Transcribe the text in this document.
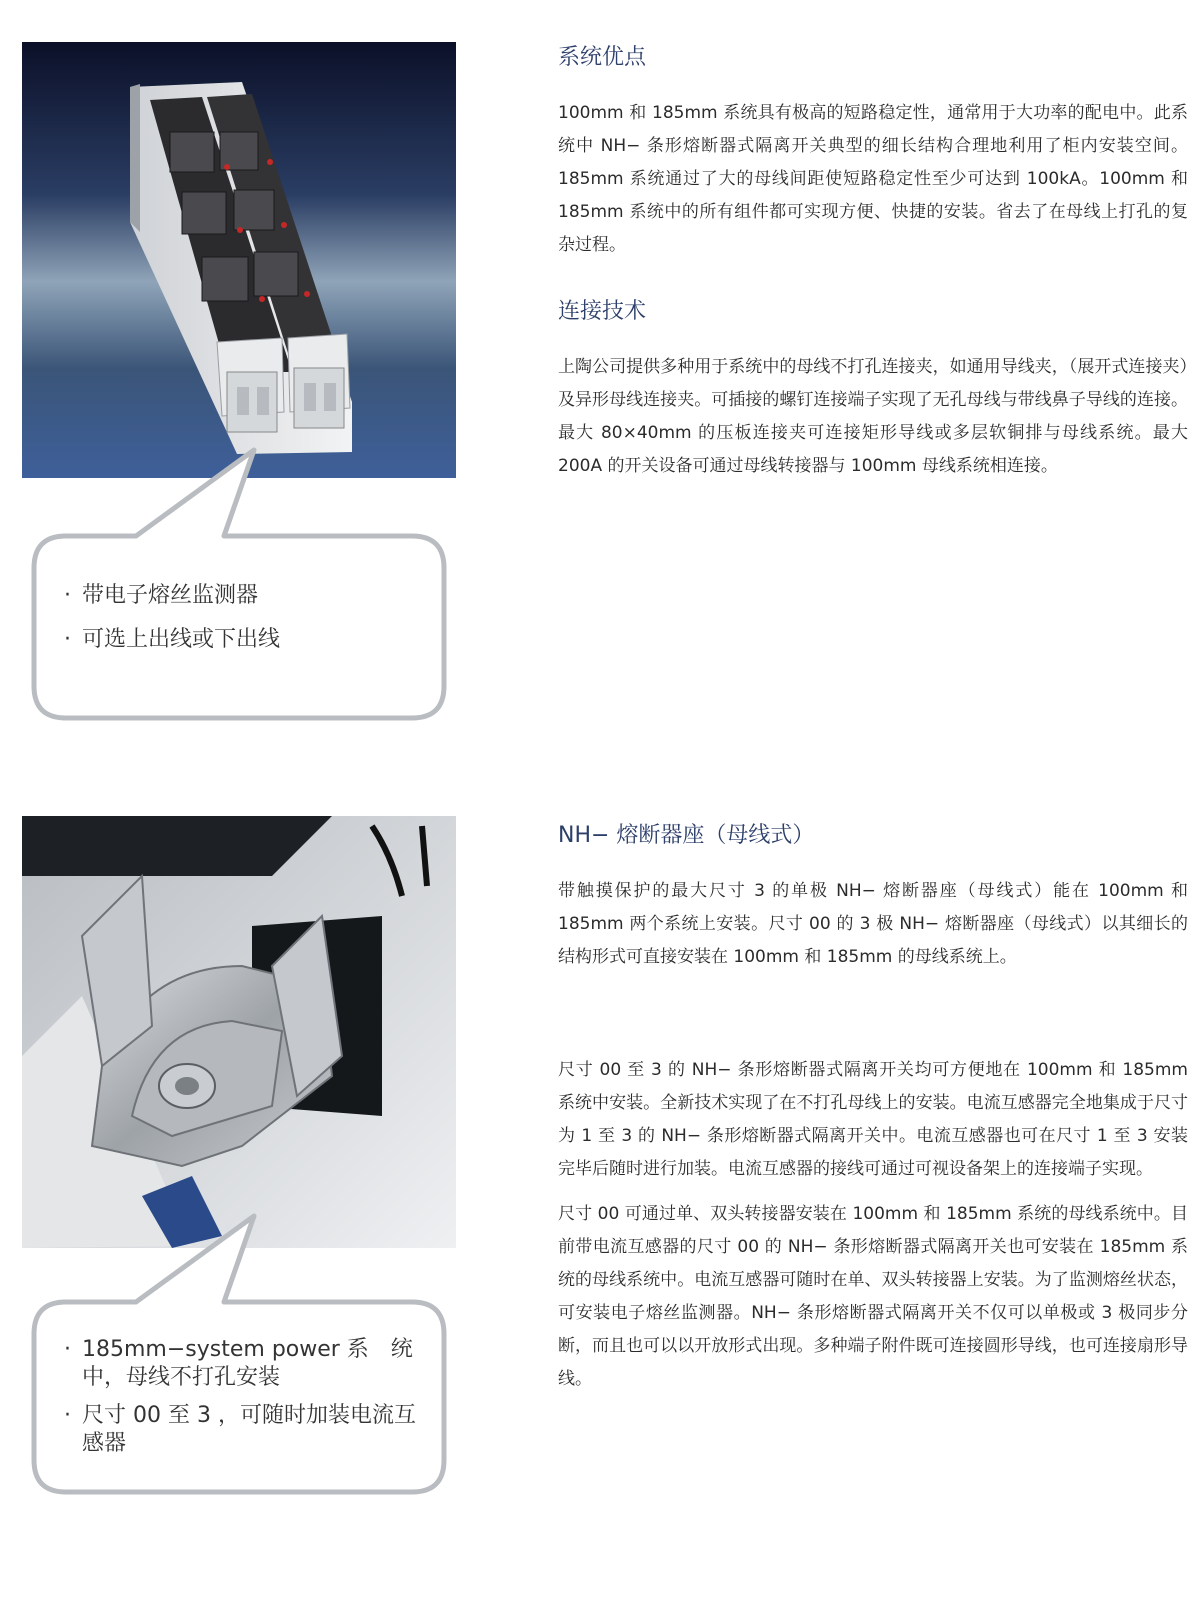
· 带电子熔丝监测器
· 可选上出线或下出线
系统优点

100mm 和 185mm 系统具有极高的短路稳定性，通常用于大功率的配电中。此系统中 NH− 条形熔断器式隔离开关典型的细长结构合理地利用了柜内安装空间。185mm 系统通过了大的母线间距使短路稳定性至少可达到 100kA。100mm 和 185mm 系统中的所有组件都可实现方便、快捷的安装。省去了在母线上打孔的复杂过程。

连接技术

上陶公司提供多种用于系统中的母线不打孔连接夹，如通用导线夹，（展开式连接夹）及异形母线连接夹。可插接的螺钉连接端子实现了无孔母线与带线鼻子导线的连接。最大 80×40mm 的压板连接夹可连接矩形导线或多层软铜排与母线系统。最大 200A 的开关设备可通过母线转接器与 100mm 母线系统相连接。

· 185mm−system power 系　统中，母线不打孔安装
· 尺寸 00 至 3 ，可随时加装电流互感器
NH− 熔断器座（母线式）

带触摸保护的最大尺寸 3 的单极 NH− 熔断器座（母线式）能在 100mm 和 185mm 两个系统上安装。尺寸 00 的 3 极 NH− 熔断器座（母线式）以其细长的结构形式可直接安装在 100mm 和 185mm 的母线系统上。

尺寸 00 至 3 的 NH− 条形熔断器式隔离开关均可方便地在 100mm 和 185mm 系统中安装。全新技术实现了在不打孔母线上的安装。电流互感器完全地集成于尺寸为 1 至 3 的 NH− 条形熔断器式隔离开关中。电流互感器也可在尺寸 1 至 3 安装完毕后随时进行加装。电流互感器的接线可通过可视设备架上的连接端子实现。

尺寸 00 可通过单、双头转接器安装在 100mm 和 185mm 系统的母线系统中。目前带电流互感器的尺寸 00 的 NH− 条形熔断器式隔离开关也可安装在 185mm 系统的母线系统中。电流互感器可随时在单、双头转接器上安装。为了监测熔丝状态，可安装电子熔丝监测器。NH− 条形熔断器式隔离开关不仅可以单极或 3 极同步分断，而且也可以以开放形式出现。多种端子附件既可连接圆形导线，也可连接扇形导线。
